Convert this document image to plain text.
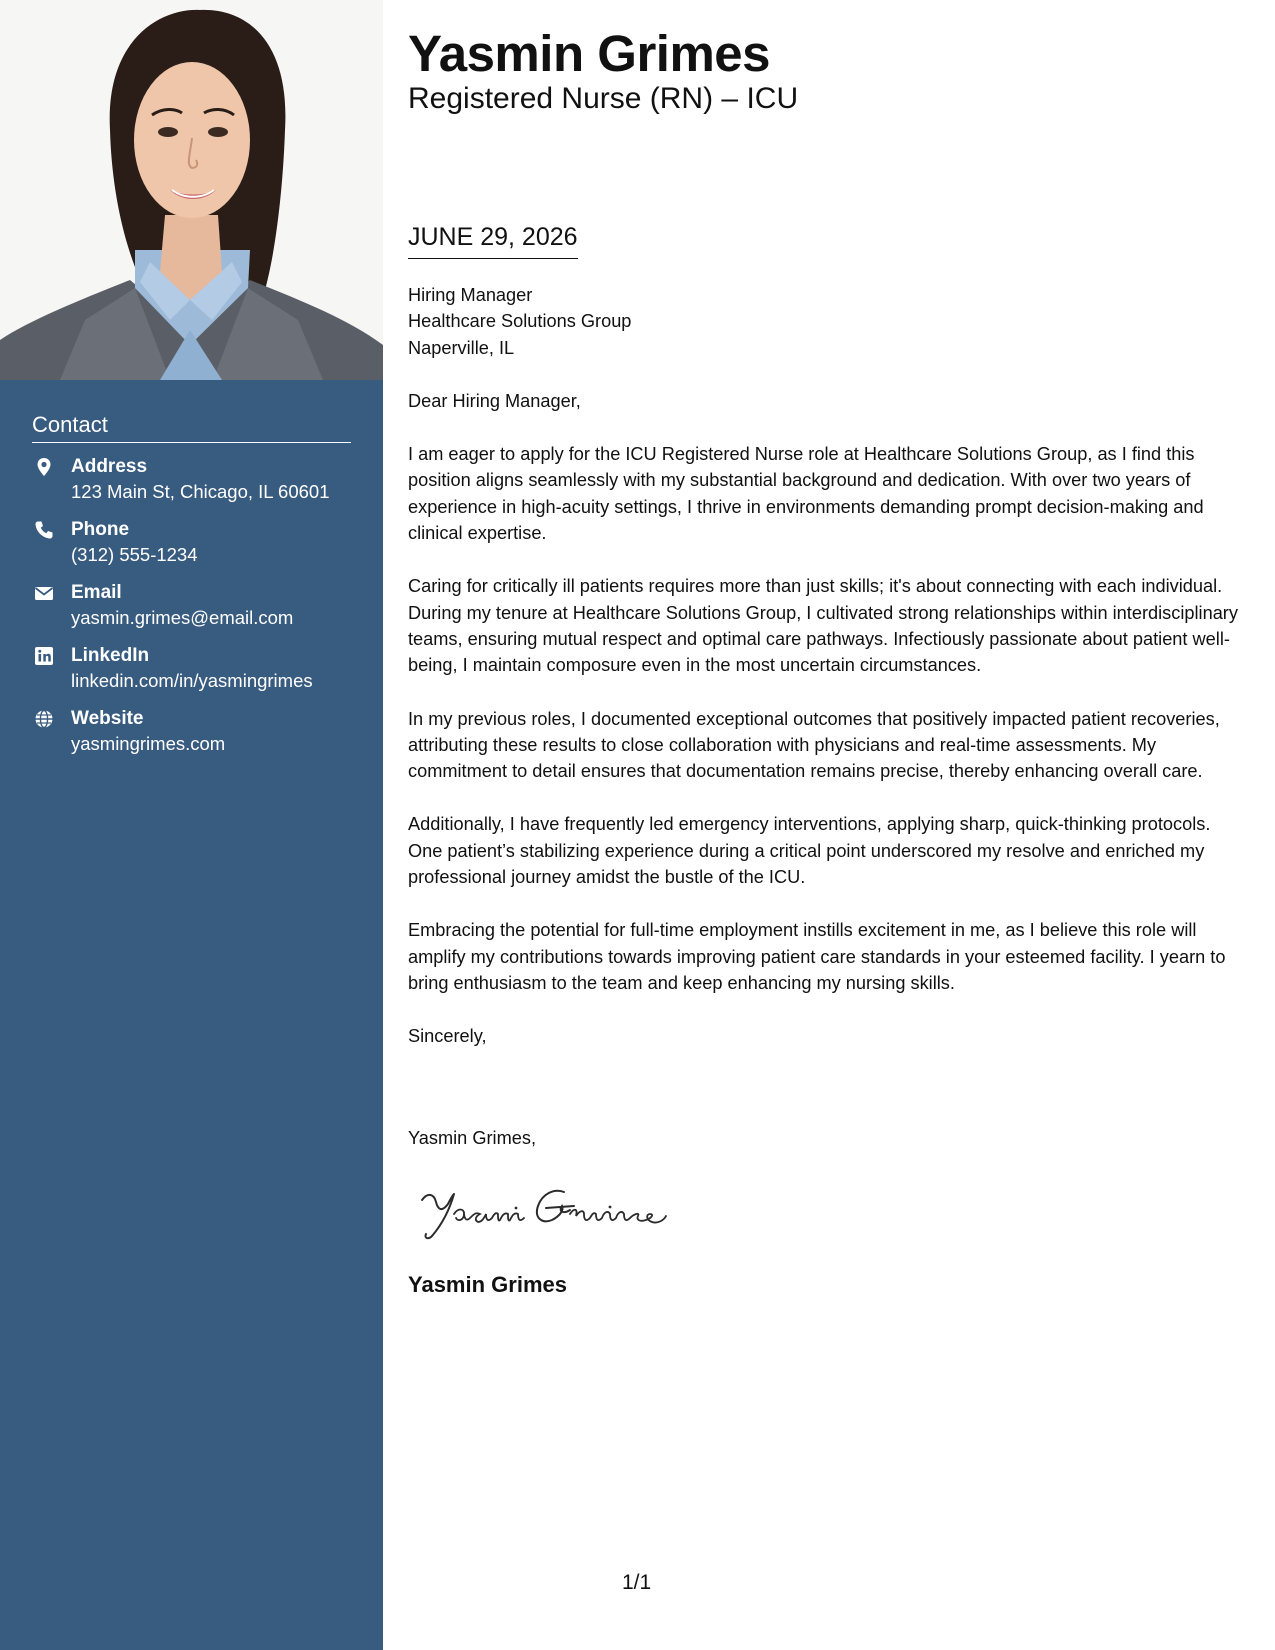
Contact
Address
123 Main St, Chicago, IL 60601
Phone
(312) 555-1234
Email
yasmin.grimes@email.com
LinkedIn
linkedin.com/in/yasmingrimes
Website
yasmingrimes.com
Yasmin Grimes
Registered Nurse (RN) – ICU
JUNE 29, 2026
Hiring Manager
Healthcare Solutions Group
Naperville, IL

Dear Hiring Manager,

I am eager to apply for the ICU Registered Nurse role at Healthcare Solutions Group, as I find this position aligns seamlessly with my substantial background and dedication. With over two years of experience in high-acuity settings, I thrive in environments demanding prompt decision-making and clinical expertise.

Caring for critically ill patients requires more than just skills; it's about connecting with each individual. During my tenure at Healthcare Solutions Group, I cultivated strong relationships within interdisciplinary teams, ensuring mutual respect and optimal care pathways. Infectiously passionate about patient well-being, I maintain composure even in the most uncertain circumstances.

In my previous roles, I documented exceptional outcomes that positively impacted patient recoveries, attributing these results to close collaboration with physicians and real-time assessments. My commitment to detail ensures that documentation remains precise, thereby enhancing overall care.

Additionally, I have frequently led emergency interventions, applying sharp, quick-thinking protocols. One patient’s stabilizing experience during a critical point underscored my resolve and enriched my professional journey amidst the bustle of the ICU.

Embracing the potential for full-time employment instills excitement in me, as I believe this role will amplify my contributions towards improving patient care standards in your esteemed facility. I yearn to bring enthusiasm to the team and keep enhancing my nursing skills.

Sincerely,

Yasmin Grimes,
Yasmin Grimes
1/1
